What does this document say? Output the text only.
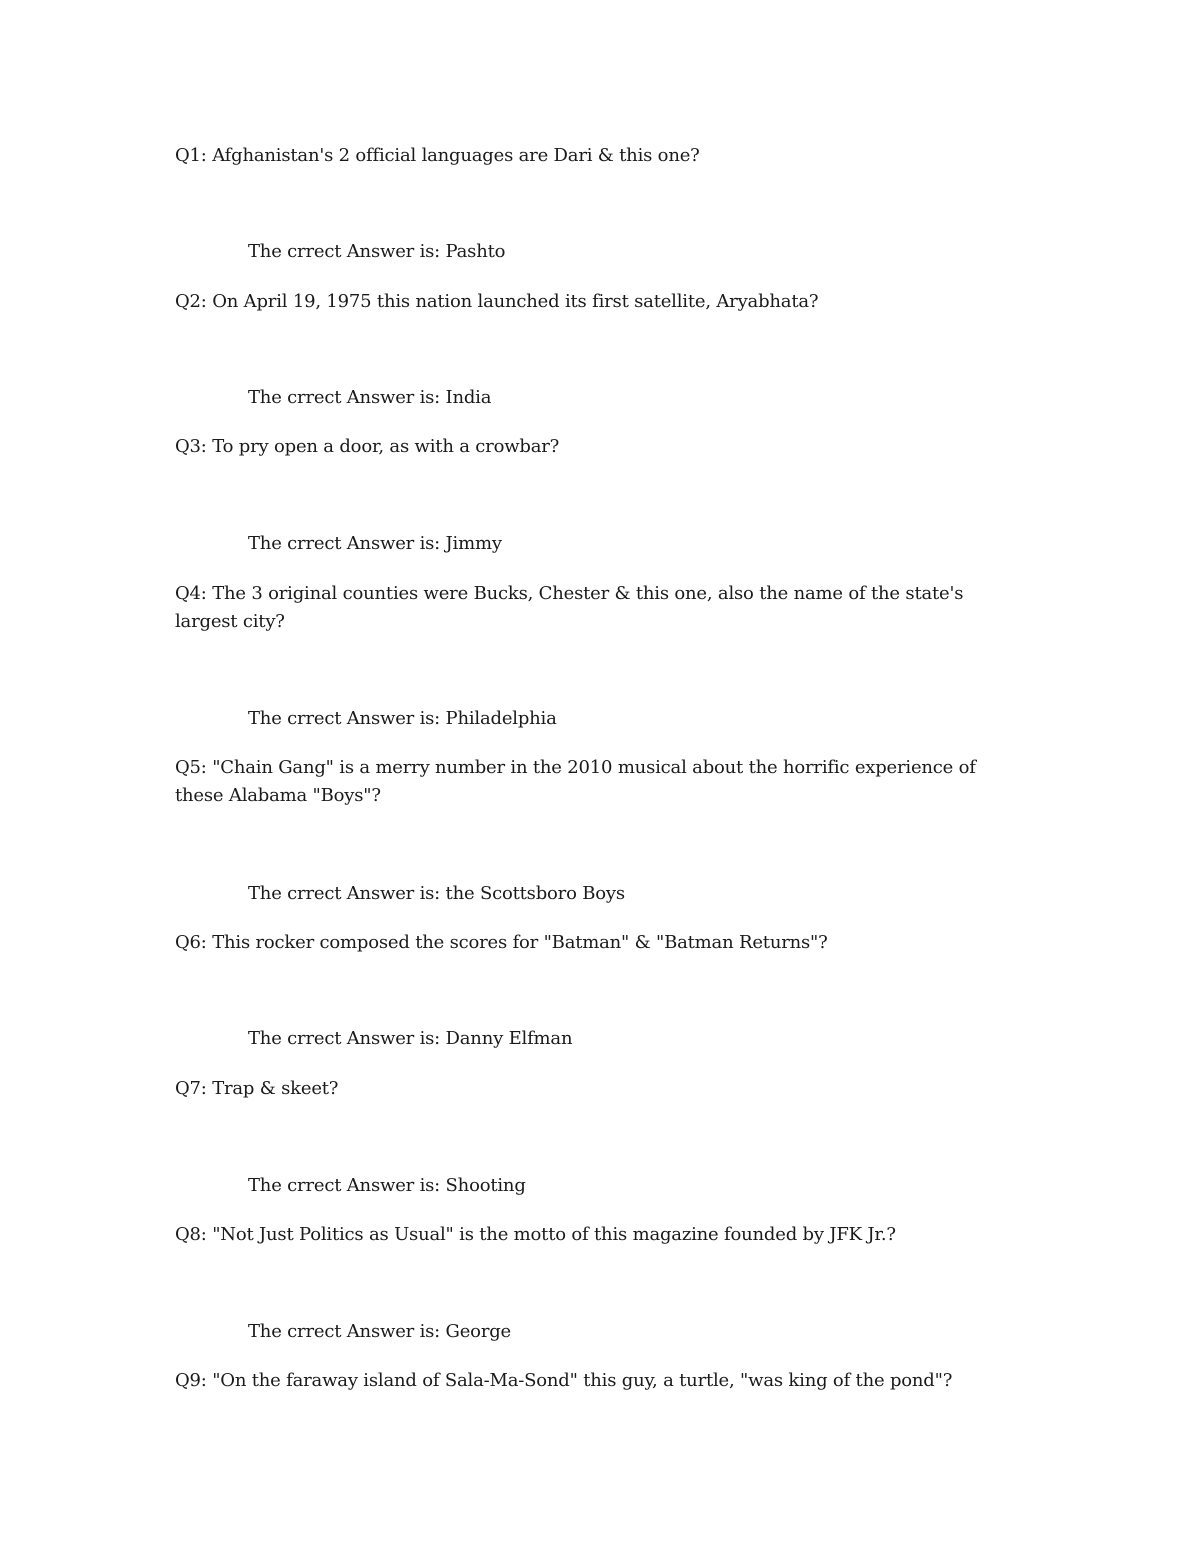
Q1: Afghanistan's 2 official languages are Dari & this one?
The crrect Answer is: Pashto
Q2: On April 19, 1975 this nation launched its first satellite, Aryabhata?
The crrect Answer is: India
Q3: To pry open a door, as with a crowbar?
The crrect Answer is: Jimmy
Q4: The 3 original counties were Bucks, Chester & this one, also the name of the state's largest city?
The crrect Answer is: Philadelphia
Q5: "Chain Gang" is a merry number in the 2010 musical about the horrific experience of these Alabama "Boys"?
The crrect Answer is: the Scottsboro Boys
Q6: This rocker composed the scores for "Batman" & "Batman Returns"?
The crrect Answer is: Danny Elfman
Q7: Trap & skeet?
The crrect Answer is: Shooting
Q8: "Not Just Politics as Usual" is the motto of this magazine founded by JFK Jr.?
The crrect Answer is: George
Q9: "On the faraway island of Sala-Ma-Sond" this guy, a turtle, "was king of the pond"?
